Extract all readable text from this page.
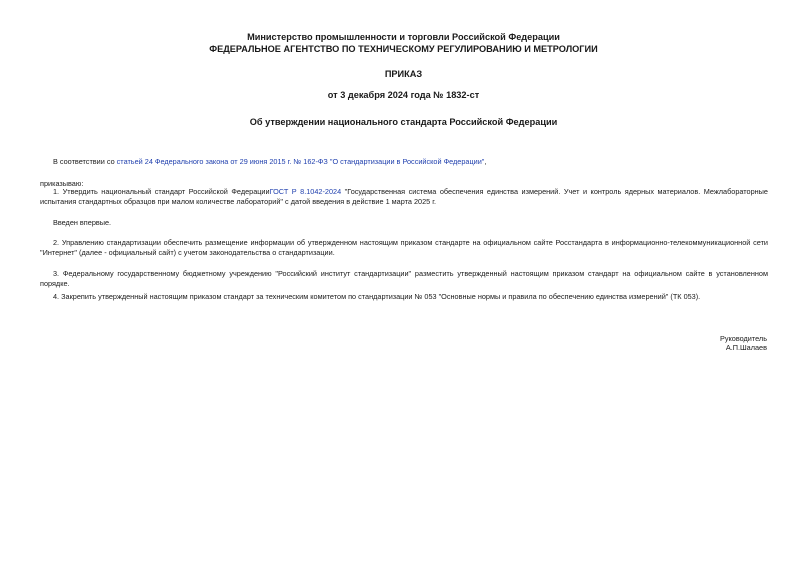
Министерство промышленности и торговли Российской Федерации
ФЕДЕРАЛЬНОЕ АГЕНТСТВО ПО ТЕХНИЧЕСКОМУ РЕГУЛИРОВАНИЮ И МЕТРОЛОГИИ
ПРИКАЗ
от 3 декабря 2024 года № 1832-ст
Об утверждении национального стандарта Российской Федерации

В соответствии со статьей 24 Федерального закона от 29 июня 2015 г. № 162-ФЗ "О стандартизации в Российской Федерации",

приказываю:

1. Утвердить национальный стандарт Российской ФедерацииГОСТ Р 8.1042-2024 "Государственная система обеспечения единства измерений. Учет и контроль ядерных материалов. Межлабораторные испытания стандартных образцов при малом количестве лабораторий" с датой введения в действие 1 марта 2025 г.

Введен впервые.

2. Управлению стандартизации обеспечить размещение информации об утвержденном настоящим приказом стандарте на официальном сайте Росстандарта в информационно-телекоммуникационной сети "Интернет" (далее - официальный сайт) с учетом законодательства о стандартизации.

3. Федеральному государственному бюджетному учреждению "Российский институт стандартизации" разместить утвержденный настоящим приказом стандарт на официальном сайте в установленном порядке.

4. Закрепить утвержденный настоящим приказом стандарт за техническим комитетом по стандартизации № 053 "Основные нормы и правила по обеспечению единства измерений" (ТК 053).

Руководитель
А.П.Шалаев
